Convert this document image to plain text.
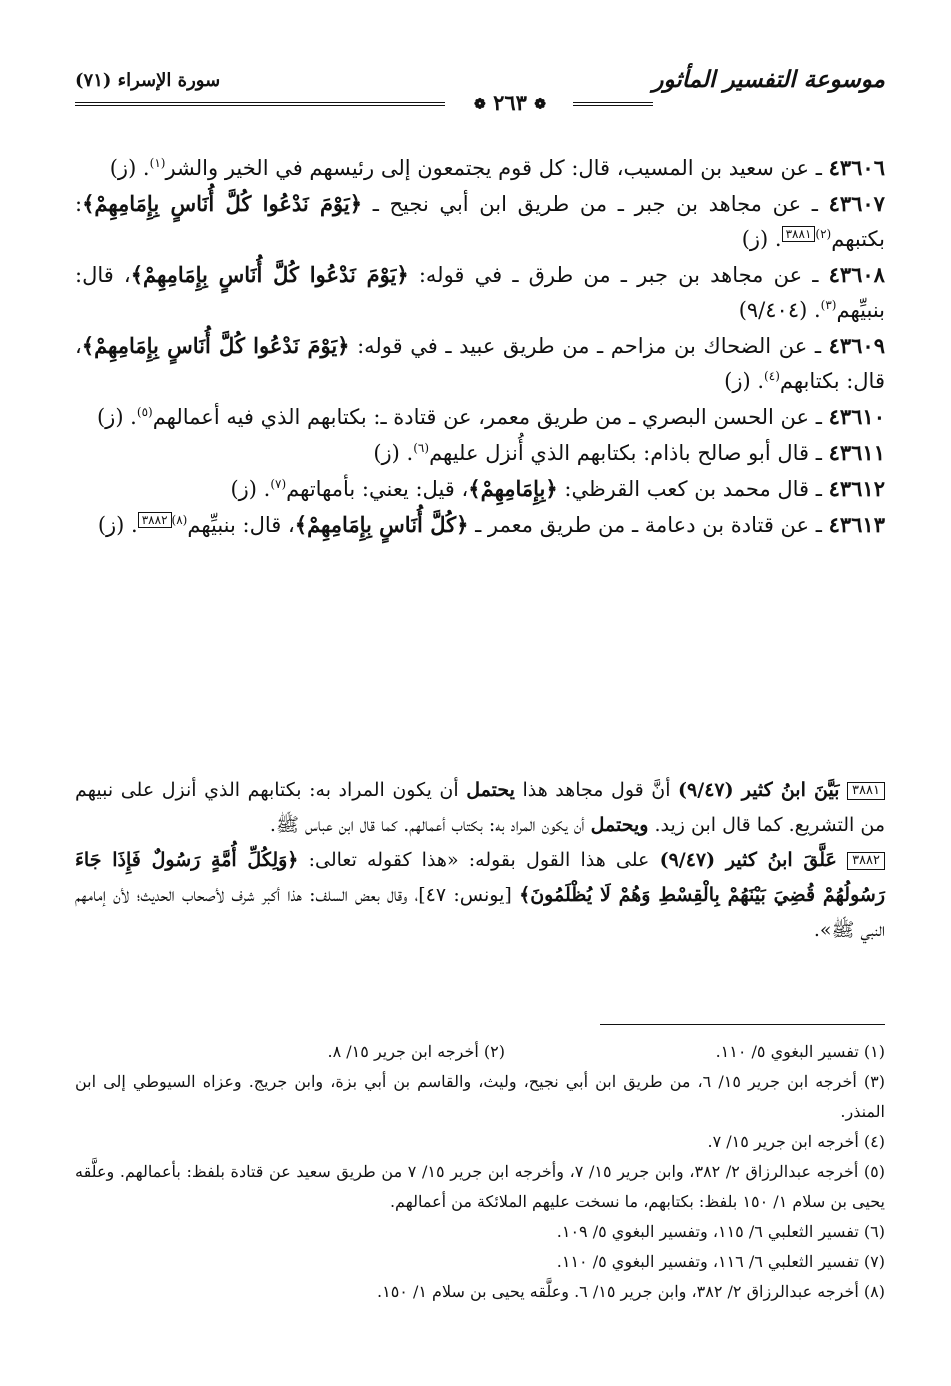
موسوعة التفسير المأثور
❁ ٢٦٣ ❁
سورة الإسراء (٧١)

٤٣٦٠٦ ـ عن سعيد بن المسيب، قال: كل قوم يجتمعون إلى رئيسهم في الخير والشر$^{(١)}$. (ز)

٤٣٦٠٧ ـ عن مجاهد بن جبر ـ من طريق ابن أبي نجيح ـ ﴿يَوْمَ نَدْعُوا كُلَّ أُنَاسٍ بِإِمَامِهِمْ﴾: بكتبهم$^{(٢)}$٣٨٨١. (ز)

٤٣٦٠٨ ـ عن مجاهد بن جبر ـ من طرق ـ في قوله: ﴿يَوْمَ نَدْعُوا كُلَّ أُنَاسٍ بِإِمَامِهِمْ﴾، قال: بنبيِّهم$^{(٣)}$. (٩/٤٠٤)

٤٣٦٠٩ ـ عن الضحاك بن مزاحم ـ من طريق عبيد ـ في قوله: ﴿يَوْمَ نَدْعُوا كُلَّ أُنَاسٍ بِإِمَامِهِمْ﴾، قال: بكتابهم$^{(٤)}$. (ز)

٤٣٦١٠ ـ عن الحسن البصري ـ من طريق معمر، عن قتادة ـ: بكتابهم الذي فيه أعمالهم$^{(٥)}$. (ز)

٤٣٦١١ ـ قال أبو صالح باذام: بكتابهم الذي أُنزل عليهم$^{(٦)}$. (ز)

٤٣٦١٢ ـ قال محمد بن كعب القرظي: ﴿بِإِمَامِهِمْ﴾، قيل: يعني: بأمهاتهم$^{(٧)}$. (ز)

٤٣٦١٣ ـ عن قتادة بن دعامة ـ من طريق معمر ـ ﴿كُلَّ أُنَاسٍ بِإِمَامِهِمْ﴾، قال: بنبيِّهم$^{(٨)}$٣٨٨٢. (ز)

٣٨٨١ بَيَّنَ ابنُ كثير (٩/٤٧) أنَّ قول مجاهد هذا يحتمل أن يكون المراد به: بكتابهم الذي أنزل على نبيهم من التشريع. كما قال ابن زيد. ويحتمل أن يكون المراد به: بكتاب أعمالهم. كما قال ابن عباس ﷺ.

٣٨٨٢ عَلَّقَ ابنُ كثير (٩/٤٧) على هذا القول بقوله: «هذا كقوله تعالى: ﴿وَلِكُلِّ أُمَّةٍ رَسُولٌ فَإِذَا جَاءَ رَسُولُهُمْ قُضِيَ بَيْنَهُمْ بِالْقِسْطِ وَهُمْ لَا يُظْلَمُونَ﴾ [يونس: ٤٧]، وقال بعض السلف: هذا أكبر شرف لأصحاب الحديث؛ لأن إمامهم النبي ﷺ».

(١) تفسير البغوي ٥/ ١١٠.
(٢) أخرجه ابن جرير ١٥/ ٨.

(٣) أخرجه ابن جرير ١٥/ ٦، من طريق ابن أبي نجيح، وليث، والقاسم بن أبي بزة، وابن جريج. وعزاه السيوطي إلى ابن المنذر.

(٤) أخرجه ابن جرير ١٥/ ٧.

(٥) أخرجه عبدالرزاق ٢/ ٣٨٢، وابن جرير ١٥/ ٧، وأخرجه ابن جرير ١٥/ ٧ من طريق سعيد عن قتادة بلفظ: بأعمالهم. وعلَّقه يحيى بن سلام ١/ ١٥٠ بلفظ: بكتابهم، ما نسخت عليهم الملائكة من أعمالهم.

(٦) تفسير الثعلبي ٦/ ١١٥، وتفسير البغوي ٥/ ١٠٩.

(٧) تفسير الثعلبي ٦/ ١١٦، وتفسير البغوي ٥/ ١١٠.

(٨) أخرجه عبدالرزاق ٢/ ٣٨٢، وابن جرير ١٥/ ٦. وعلَّقه يحيى بن سلام ١/ ١٥٠.
